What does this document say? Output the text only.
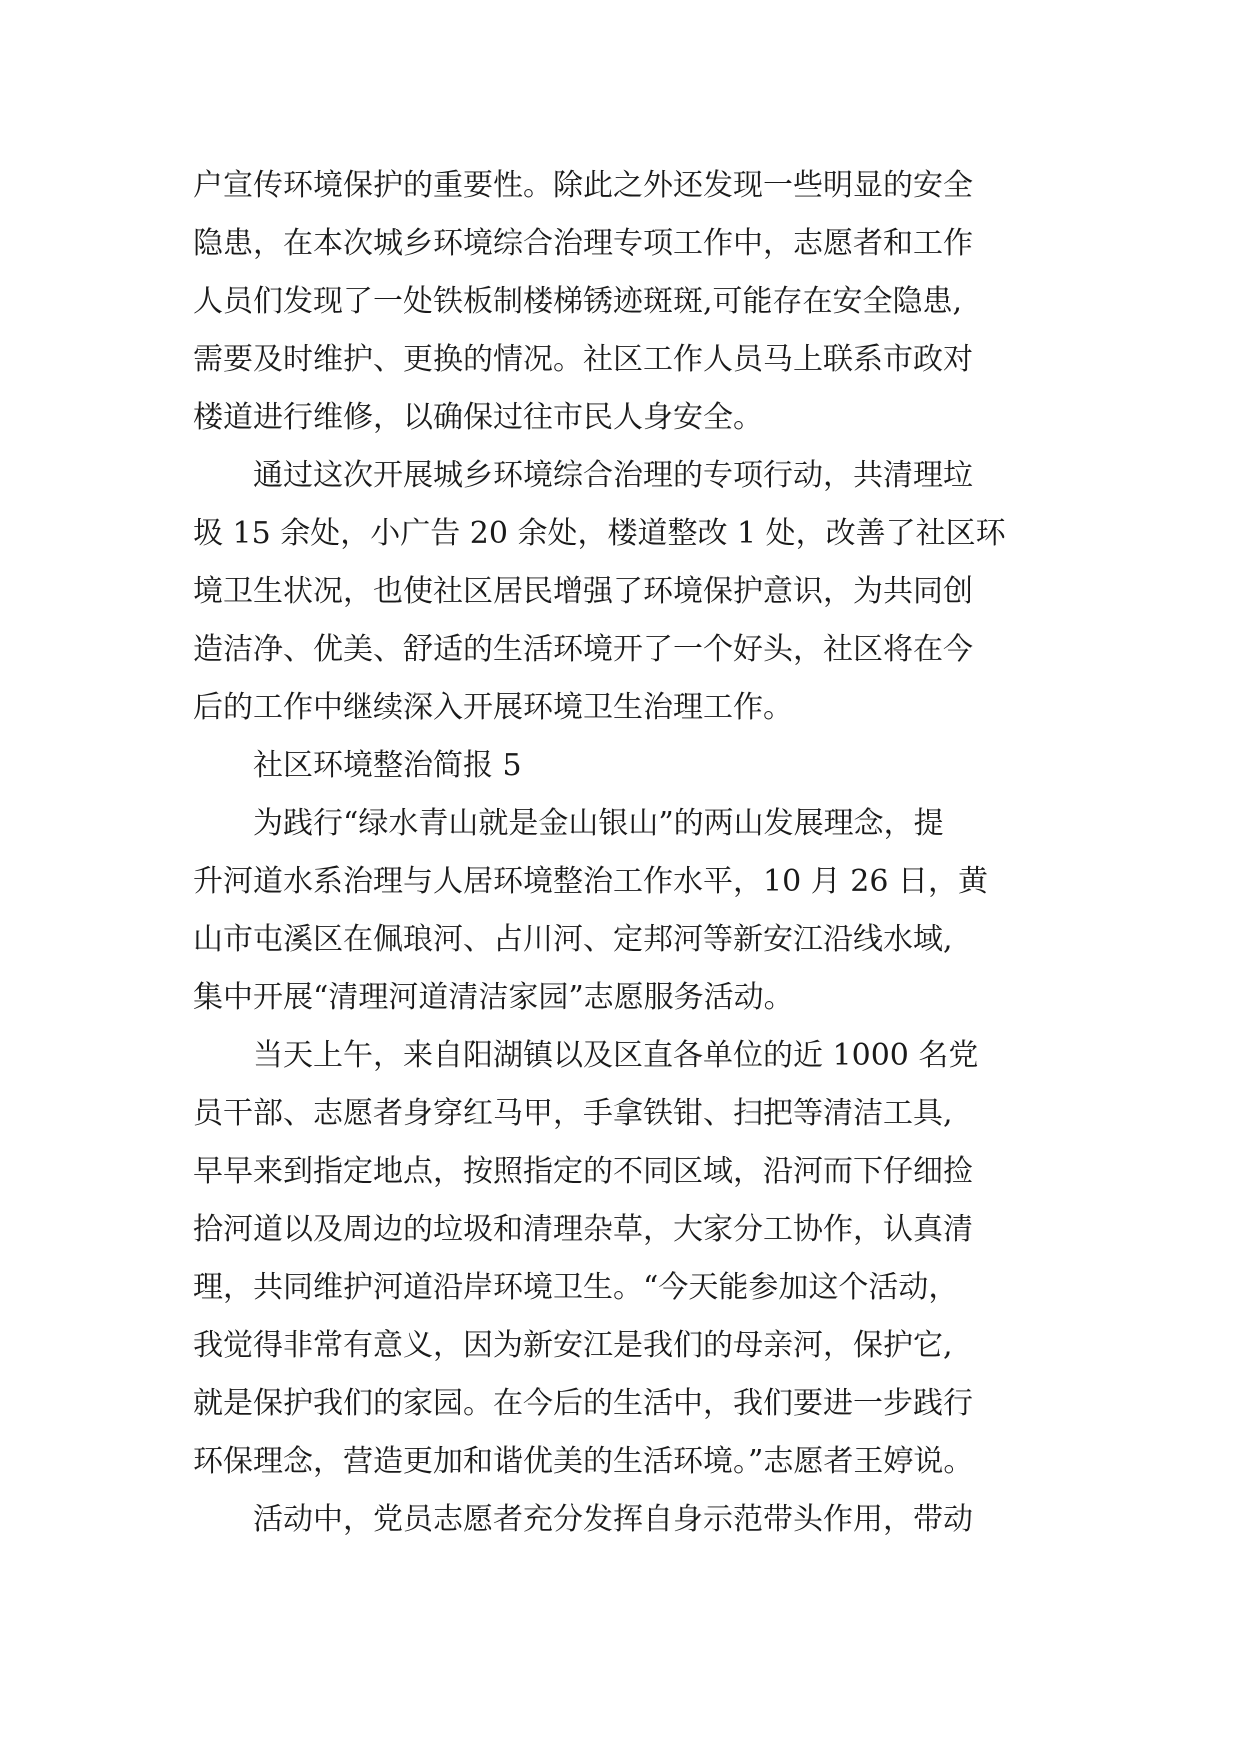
户宣传环境保护的重要性。除此之外还发现一些明显的安全
隐患，在本次城乡环境综合治理专项工作中，志愿者和工作
人员们发现了一处铁板制楼梯锈迹斑斑,可能存在安全隐患,
需要及时维护、更换的情况。社区工作人员马上联系市政对
楼道进行维修，以确保过往市民人身安全。
通过这次开展城乡环境综合治理的专项行动，共清理垃
圾 15 余处，小广告 20 余处，楼道整改 1 处，改善了社区环
境卫生状况，也使社区居民增强了环境保护意识，为共同创
造洁净、优美、舒适的生活环境开了一个好头，社区将在今
后的工作中继续深入开展环境卫生治理工作。
社区环境整治简报 5
为践行“绿水青山就是金山银山”的两山发展理念，提
升河道水系治理与人居环境整治工作水平，10 月 26 日，黄
山市屯溪区在佩琅河、占川河、定邦河等新安江沿线水域,
集中开展“清理河道清洁家园”志愿服务活动。
当天上午，来自阳湖镇以及区直各单位的近 1000 名党
员干部、志愿者身穿红马甲，手拿铁钳、扫把等清洁工具,
早早来到指定地点，按照指定的不同区域，沿河而下仔细捡
拾河道以及周边的垃圾和清理杂草，大家分工协作，认真清
理，共同维护河道沿岸环境卫生。“今天能参加这个活动，
我觉得非常有意义，因为新安江是我们的母亲河，保护它,
就是保护我们的家园。在今后的生活中，我们要进一步践行
环保理念，营造更加和谐优美的生活环境。”志愿者王婷说。
活动中，党员志愿者充分发挥自身示范带头作用，带动
